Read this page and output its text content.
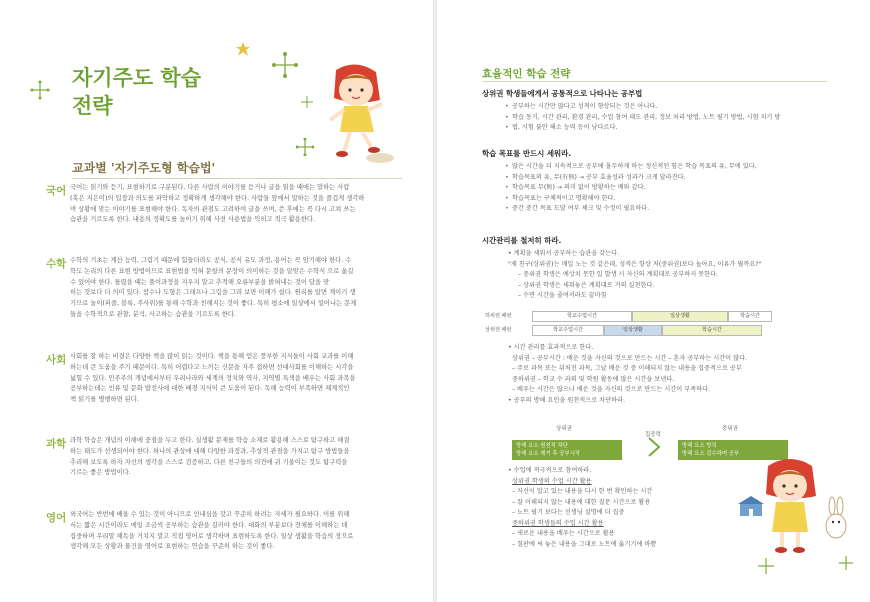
자기주도 학습
전략
교과별 '자기주도형 학습법'
국어 국어는 읽기와 듣기, 표현하기로 구분된다. 다른 사람의 이야기를 듣거나 글을 읽을 때에는 말하는 사람
(혹은 지은이)의 입장과 의도를 파악하고 정확하게 생각해야 한다. 사람들 앞에서 말하는 것을 즐겁게 생각하
며 상황에 맞는 이야기를 표현해야 한다. 독자의 관점도 고려하여 글을 쓰며, 쓴 후에는 꼭 다시 고쳐 쓰는
습관을 기르도록 한다. 내용의 정확도를 높이기 위해 사전 사용법을 익히고 적극 활용한다.
수학 수학의 기초는 계산 능력, 그림기 때문에 힘들더라도 공식, 공식 유도 과정, 용어는 꼭 암기해야 한다. 수
학도 논리의 다른 표현 방법이므로 표현법을 익혀 문항의 문장이 의미하는 것을 알맞은 수학식 으로 옮길
수 있어야 한다. 틀렸을 때는 풀이과정을 지우지 말고 추적해 오류부분을 밝혀내는 것이 답을 맞
히는 것보다 더 의미 있다. 참수나 도형은 그래프나 그림을 그려 보면 이해가 쉽다. 원리를 알면 계이기 생
기므로 놀이(퍼즐, 블록, 주사위)를 통해 수학과 친해지는 것이 좋다. 특히 평소에 일상에서 일어나는 문제
들을 수학적으로 관찰, 분석, 사고하는 습관을 기르도록 한다.
사회 사회를 잘 하는 비결은 다양한 책을 많이 읽는 것이다. 책을 통해 얻은 풍부한 지식들이 사회 교과를 이해
하는데 큰 도움을 주기 때문이다. 특히 어렵다고 느끼는 신문을 자주 접하면 선대사회를 이해하는 시각을
넓힐 수 있다. 민주주의 개념에서부터 우리나라와 세계의 정치와 역사, 지역별 특색을 배우는 사회 과목을
공부하는데는 인류 및 문화 발전사에 대한 배경 지식이 큰 도움이 된다. 독해 능력이 부족하면 체계적인
책 읽기를 병행하면 된다.
과학 과학 학습은 개념의 이해에 중점을 두고 한다. 실생활 문제를 학습 소재로 활용해 스스로 탐구하고 해결
하는 태도가 선생되어야 한다. 하나의 관상에 대해 다양한 과정과, 추상적 관점을 가지고 탐구 방법들을
추리해 보도록 하자 자신의 생각을 스스로 검증하고, 다른 친구들의 의견에 귀 기울이는 것도 탐구력을
기르는 좋은 방법이다.
영어 외국어는 반번에 배울 수 있는 것이 아니므로 인내심을 갖고 꾸준히 하려는 자세가 필요하다. 이를 위해
서는 짧은 시간이라도 매일 조금씩 공부하는 습관을 길러야 한다. 대화의 부분보다 전체를 이해하는 데
집중하며 우리말 해독을 거치지 말고 직접 영어로 생각하며 표현하도록 한다. 일상 생활을 학습의 장으로
생각해 모든 상황과 물건을 영어로 표현하는 연습을 꾸준히 하는 것이 좋다.
효율적인 학습 전략
상위권 학생들에게서 공통적으로 나타나는 공부법
• 공부하는 시간만 많다고 성적이 향상되는 것은 아니다.
• 학습 동기, 시간 관리, 환경 관리, 수업 참여 태도 관리, 정보 처리 방법, 노트 필기 방법, 시험 치기 방
• 법, 시험 불안 해소 능력 등이 남다르다.
학습 목표를 반드시 세워라.
• 많은 시간을 더 지속적으로 공부에 몰두하게 하는 정신적인 힘은 학습 목표의 유, 무에 있다.
• 학습목표의 유, 무(有無) → 공부 효율성과 성과가 크게 달라진다.
• 학습목표 무(無) → 의미 없이 방황하는 배와 같다.
• 학습목표는 구체적이고 명확해야 한다.
• 중간 중간 목표 도달 여부 체크 및 수정이 필요하다.
시간관리를 철저히 하라.
• 계획을 세워서 공부하는 습관을 갖는다.
"제 친구(상위권)는 매일 노는 것 같은데, 성적은 항상 저(중위권)보다 높아요, 이유가 뭘까요?"
– 중위권 학생은 예상치 못한 일 발생 시 자신의 계획대로 공부하지 못한다.
– 상위권 학생은 세워놓은 계획대로 거의 실천한다.
– 수면 시간을 줄여서라도 끝마침
하위권 패턴	학교수업시간	일상생활	학습시간
상위권 패턴	학교수업시간	일상생활	학습시간
• 시간 관리를 효과적으로 한다.
상위권 – 공부시간 : 배운 것을 자신의 것으로 만드는 시간 – 혼자 공부하는 시간이 많다.
– 주로 과목 또는 뒤처진 과목, 그날 배운 것 중 이해되지 않는 내용을 집중적으로 공부
중하위권 – 학교 수 과외 및 학원 활동에 많은 시간을 보낸다.
– 배우는 시간은 많으나 배운 것을 자신의 것으로 만드는 시간이 부족하다.
• 공부의 방해 요인을 원천적으로 차단하라.
상위권
방해 요소 원천적 차단
방해 요소 제거 후 공부시작
집중력
중위권
방해 요소 방치
방해 요소 감수하며 공부
• 수업에 적극적으로 참여하라.
상위권 학생의 수업 시간 활용
– 자신이 알고 있는 내용을 다시 한 번 확인하는 시간
– 잘 이해되지 않는 내용에 대한 질문 시간으로 활용
– 노트 필기 보다는 선생님 설명에 더 집중
중하위권 학생들의 수업 시간 활용
– 새로운 내용을 배우는 시간으로 활용
– 칠판에 써 놓은 내용을 그대로 노트에 옮기기에 바쁨
